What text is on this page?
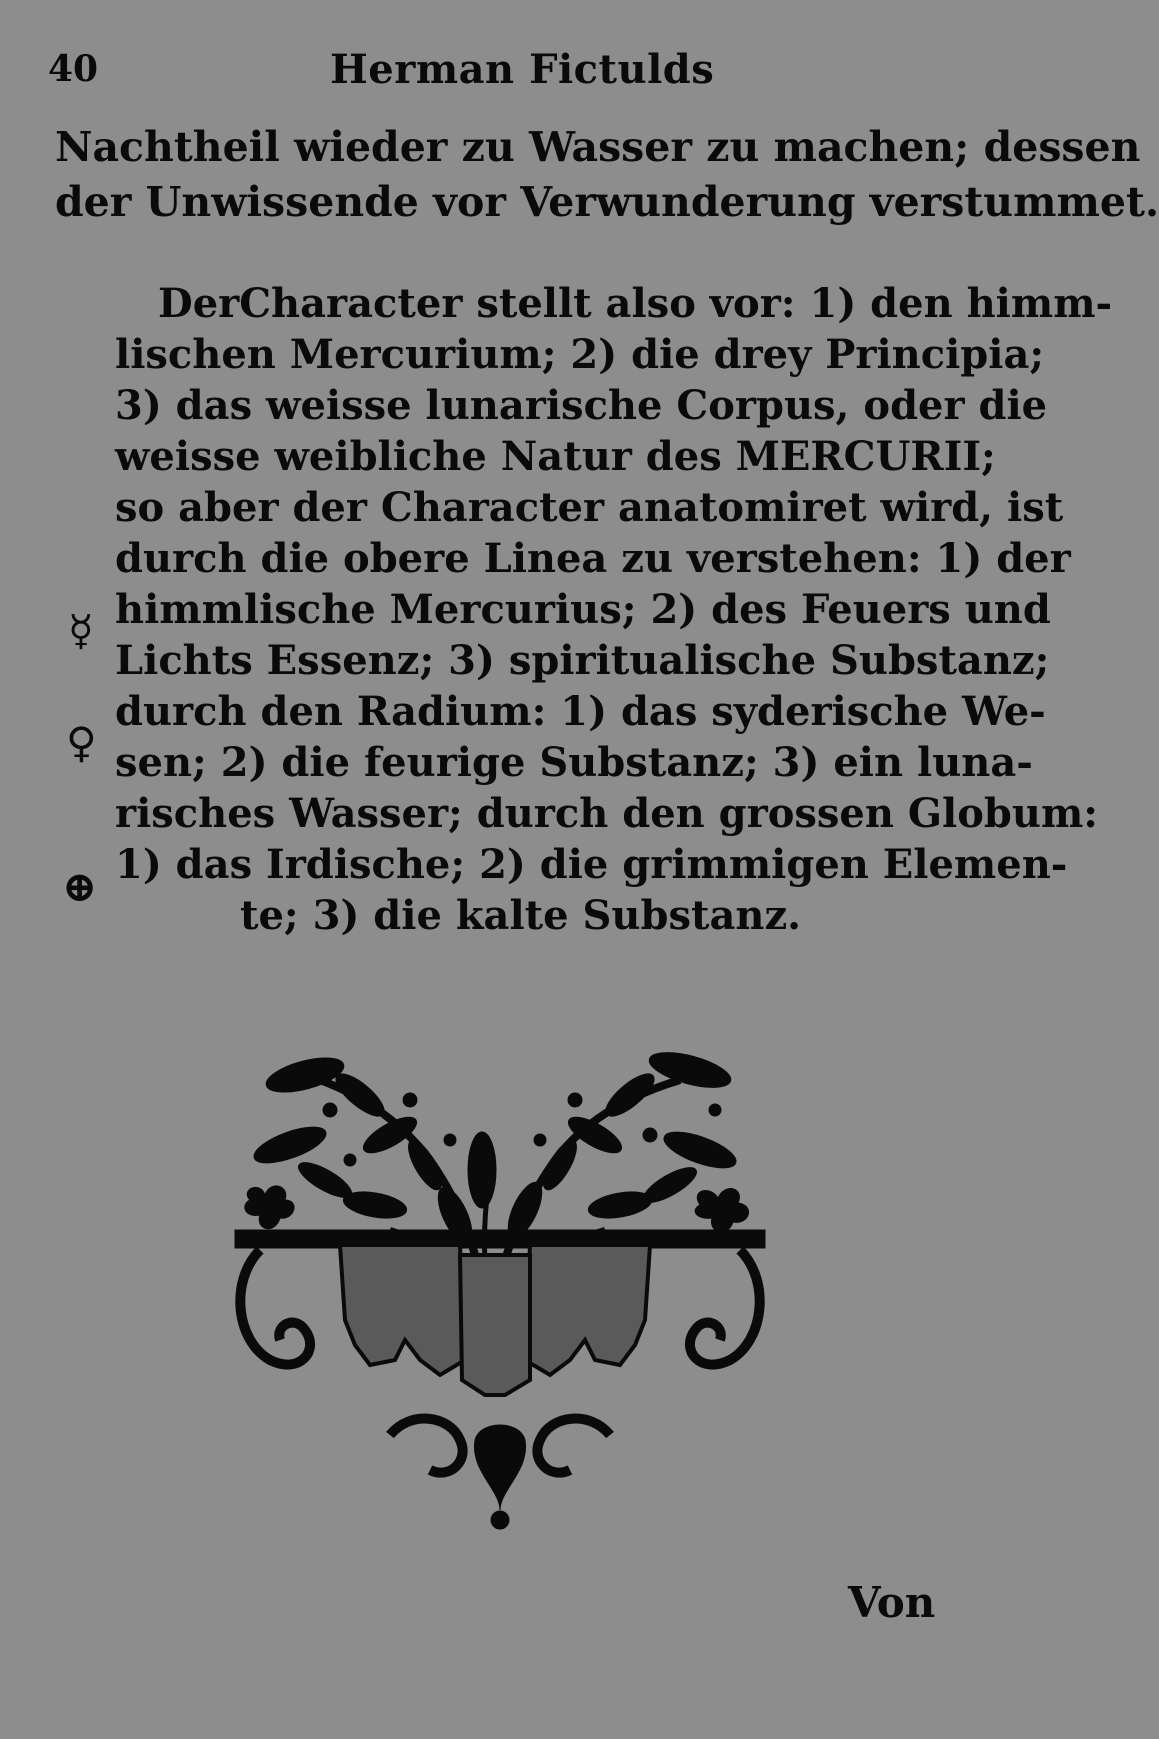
40	Herman Fictulds
Nachtheil wieder zu Wasser zu machen; dessen
der Unwissende vor Verwunderung verstummet.
DerCharacter stellt also vor: 1) den himm-
lischen Mercurium; 2) die drey Principia;
3) das weisse lunarische Corpus, oder die
weisse weibliche Natur des MERCURII;
so aber der Character anatomiret wird, ist
durch die obere Linea zu verstehen: 1) der
himmlische Mercurius; 2) des Feuers und
Lichts Essenz; 3) spiritualische Substanz;
durch den Radium: 1) das syderische We-
sen; 2) die feurige Substanz; 3) ein luna-
risches Wasser; durch den grossen Globum:
1) das Irdische; 2) die grimmigen Elemen-
te; 3) die kalte Substanz.
☿
♀
⊕
Von
